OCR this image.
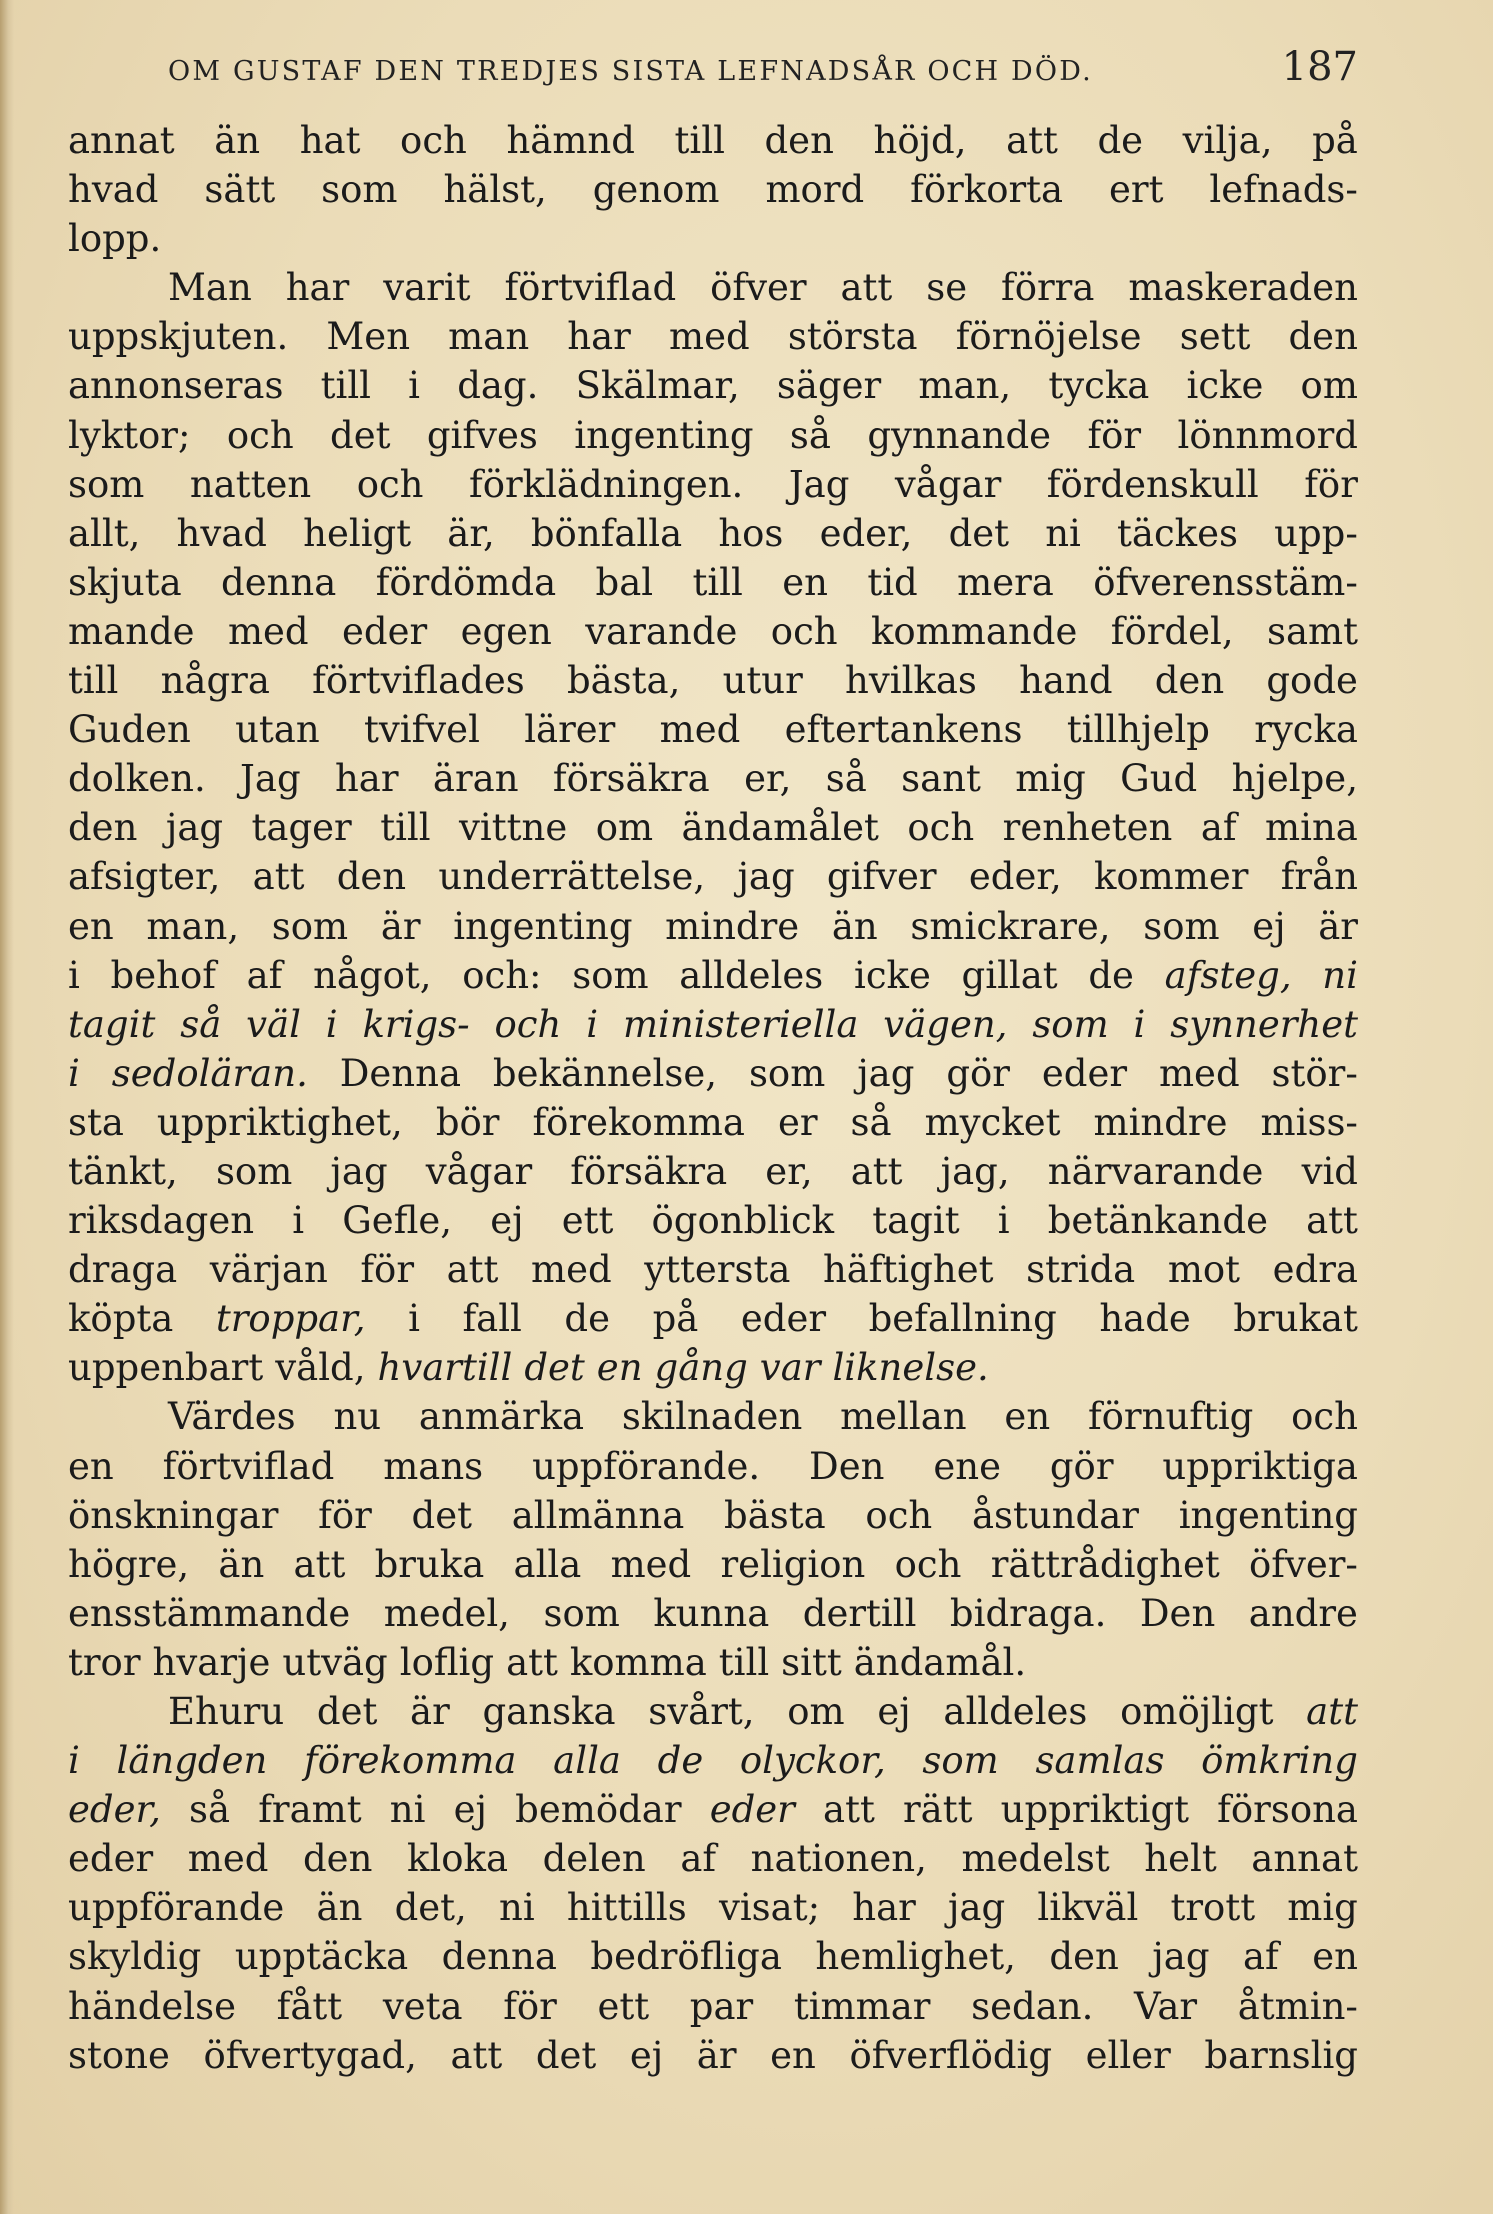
OM GUSTAF DEN TREDJES SISTA LEFNADSÅR OCH DÖD.	187
annat än hat och hämnd till den höjd, att de vilja, på
hvad sätt som hälst, genom mord förkorta ert lefnads-
lopp.
Man har varit förtviflad öfver att se förra maskeraden
uppskjuten. Men man har med största förnöjelse sett den
annonseras till i dag. Skälmar, säger man, tycka icke om
lyktor; och det gifves ingenting så gynnande för lönnmord
som natten och förklädningen. Jag vågar fördenskull för
allt, hvad heligt är, bönfalla hos eder, det ni täckes upp-
skjuta denna fördömda bal till en tid mera öfverensstäm-
mande med eder egen varande och kommande fördel, samt
till några förtviflades bästa, utur hvilkas hand den gode
Guden utan tvifvel lärer med eftertankens tillhjelp rycka
dolken. Jag har äran försäkra er, så sant mig Gud hjelpe,
den jag tager till vittne om ändamålet och renheten af mina
afsigter, att den underrättelse, jag gifver eder, kommer från
en man, som är ingenting mindre än smickrare, som ej är
i behof af något, och: som alldeles icke gillat de afsteg, ni
tagit så väl i krigs- och i ministeriella vägen, som i synnerhet
i sedoläran. Denna bekännelse, som jag gör eder med stör-
sta uppriktighet, bör förekomma er så mycket mindre miss-
tänkt, som jag vågar försäkra er, att jag, närvarande vid
riksdagen i Gefle, ej ett ögonblick tagit i betänkande att
draga värjan för att med yttersta häftighet strida mot edra
köpta troppar, i fall de på eder befallning hade brukat
uppenbart våld, hvartill det en gång var liknelse.
Värdes nu anmärka skilnaden mellan en förnuftig och
en förtviflad mans uppförande. Den ene gör uppriktiga
önskningar för det allmänna bästa och åstundar ingenting
högre, än att bruka alla med religion och rättrådighet öfver-
ensstämmande medel, som kunna dertill bidraga. Den andre
tror hvarje utväg loflig att komma till sitt ändamål.
Ehuru det är ganska svårt, om ej alldeles omöjligt att
i längden förekomma alla de olyckor, som samlas ömkring
eder, så framt ni ej bemödar eder att rätt uppriktigt försona
eder med den kloka delen af nationen, medelst helt annat
uppförande än det, ni hittills visat; har jag likväl trott mig
skyldig upptäcka denna bedröfliga hemlighet, den jag af en
händelse fått veta för ett par timmar sedan. Var åtmin-
stone öfvertygad, att det ej är en öfverflödig eller barnslig
